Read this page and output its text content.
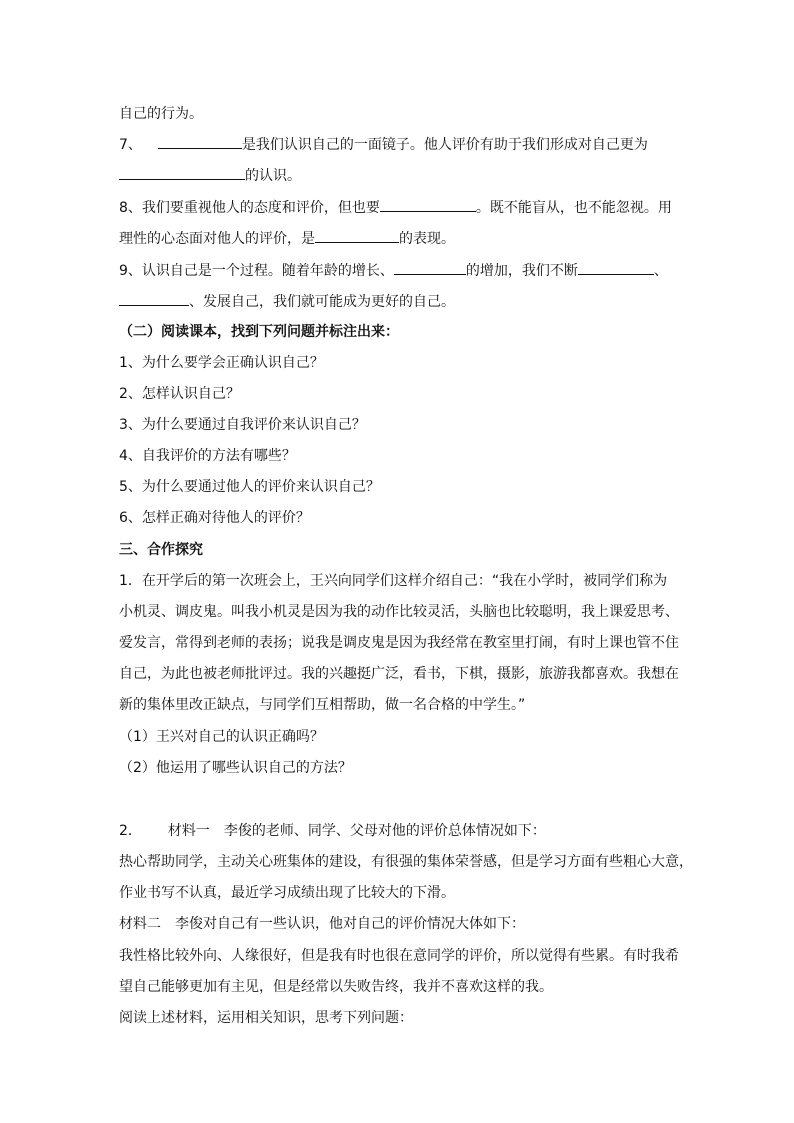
自己的行为。
7、	是我们认识自己的一面镜子。他人评价有助于我们形成对自己更为
的认识。
8、我们要重视他人的态度和评价，但也要	。既不能盲从，也不能忽视。用
理性的心态面对他人的评价，是	的表现。
9、认识自己是一个过程。随着年龄的增长、	的增加，我们不断	、
、发展自己，我们就可能成为更好的自己。
（二）阅读课本，找到下列问题并标注出来：
1、为什么要学会正确认识自己？
2、怎样认识自己？
3、为什么要通过自我评价来认识自己？
4、自我评价的方法有哪些？
5、为什么要通过他人的评价来认识自己？
6、怎样正确对待他人的评价？
三、合作探究
1．在开学后的第一次班会上，王兴向同学们这样介绍自己：“我在小学时，被同学们称为
小机灵、调皮鬼。叫我小机灵是因为我的动作比较灵活，头脑也比较聪明，我上课爱思考、
爱发言，常得到老师的表扬；说我是调皮鬼是因为我经常在教室里打闹，有时上课也管不住
自己，为此也被老师批评过。我的兴趣挺广泛，看书，下棋，摄影，旅游我都喜欢。我想在
新的集体里改正缺点，与同学们互相帮助，做一名合格的中学生。”
（1）王兴对自己的认识正确吗？
（2）他运用了哪些认识自己的方法？
2． 材料一　李俊的老师、同学、父母对他的评价总体情况如下：
热心帮助同学，主动关心班集体的建设，有很强的集体荣誉感，但是学习方面有些粗心大意，
作业书写不认真，最近学习成绩出现了比较大的下滑。
材料二　李俊对自己有一些认识，他对自己的评价情况大体如下：
我性格比较外向、人缘很好，但是我有时也很在意同学的评价，所以觉得有些累。有时我希
望自己能够更加有主见，但是经常以失败告终，我并不喜欢这样的我。
阅读上述材料，运用相关知识，思考下列问题：
